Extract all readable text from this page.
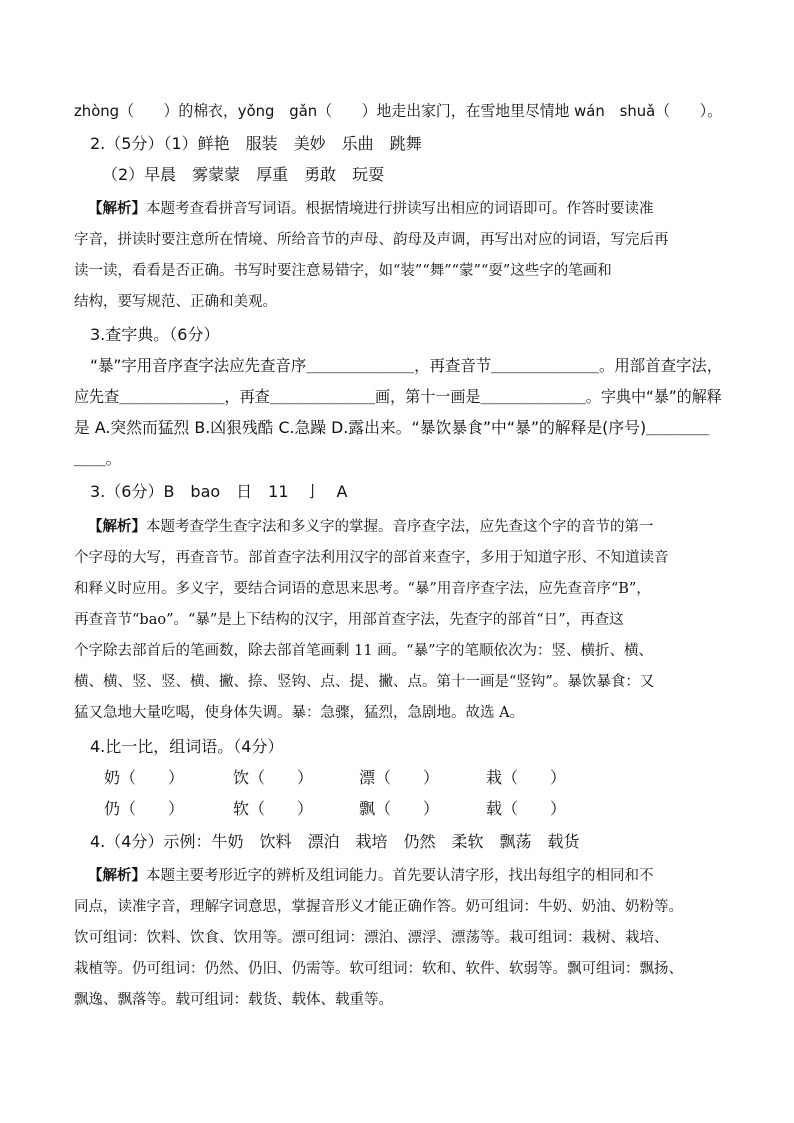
zhòng（　　）的棉衣，yǒng　gǎn（　　）地走出家门，在雪地里尽情地 wán　shuǎ（　　）。
2.（5分）（1）鲜艳　服装　美妙　乐曲　跳舞
（2）早晨　雾蒙蒙　厚重　勇敢　玩耍
【解析】本题考查看拼音写词语。根据情境进行拼读写出相应的词语即可。作答时要读准
字音，拼读时要注意所在情境、所给音节的声母、韵母及声调，再写出对应的词语，写完后再
读一读，看看是否正确。书写时要注意易错字，如“装”“舞”“蒙”“耍”这些字的笔画和
结构，要写规范、正确和美观。
3.查字典。（6分）
“暴”字用音序查字法应先查音序＿＿＿＿＿＿＿，再查音节＿＿＿＿＿＿＿。用部首查字法，
应先查＿＿＿＿＿＿＿，再查＿＿＿＿＿＿＿画，第十一画是＿＿＿＿＿＿＿。字典中“暴”的解释
是 A.突然而猛烈 B.凶狠残酷 C.急躁 D.露出来。“暴饮暴食”中“暴”的解释是(序号)＿＿＿＿
＿＿。
3.（6分）B　bao　日　11　亅　A
【解析】本题考查学生查字法和多义字的掌握。音序查字法，应先查这个字的音节的第一
个字母的大写，再查音节。部首查字法利用汉字的部首来查字，多用于知道字形、不知道读音
和释义时应用。多义字，要结合词语的意思来思考。“暴”用音序查字法，应先查音序“B”，
再查音节“bao”。“暴”是上下结构的汉字，用部首查字法，先查字的部首“日”，再查这
个字除去部首后的笔画数，除去部首笔画剩 11 画。“暴”字的笔顺依次为：竖、横折、横、
横、横、竖、竖、横、撇、捺、竖钩、点、提、撇、点。第十一画是“竖钩”。暴饮暴食：又
猛又急地大量吃喝，使身体失调。暴：急骤，猛烈，急剧地。故选 A。
4.比一比，组词语。（4分）
奶（　　）	饮（　　）	漂（　　）	栽（　　）
仍（　　）	软（　　）	飘（　　）	载（　　）
4.（4分）示例：牛奶　饮料　漂泊　栽培　仍然　柔软　飘荡　载货
【解析】本题主要考形近字的辨析及组词能力。首先要认清字形，找出每组字的相同和不
同点，读准字音，理解字词意思，掌握音形义才能正确作答。奶可组词：牛奶、奶油、奶粉等。
饮可组词：饮料、饮食、饮用等。漂可组词：漂泊、漂浮、漂荡等。栽可组词：栽树、栽培、
栽植等。仍可组词：仍然、仍旧、仍需等。软可组词：软和、软件、软弱等。飘可组词：飘扬、
飘逸、飘落等。载可组词：载货、载体、载重等。
